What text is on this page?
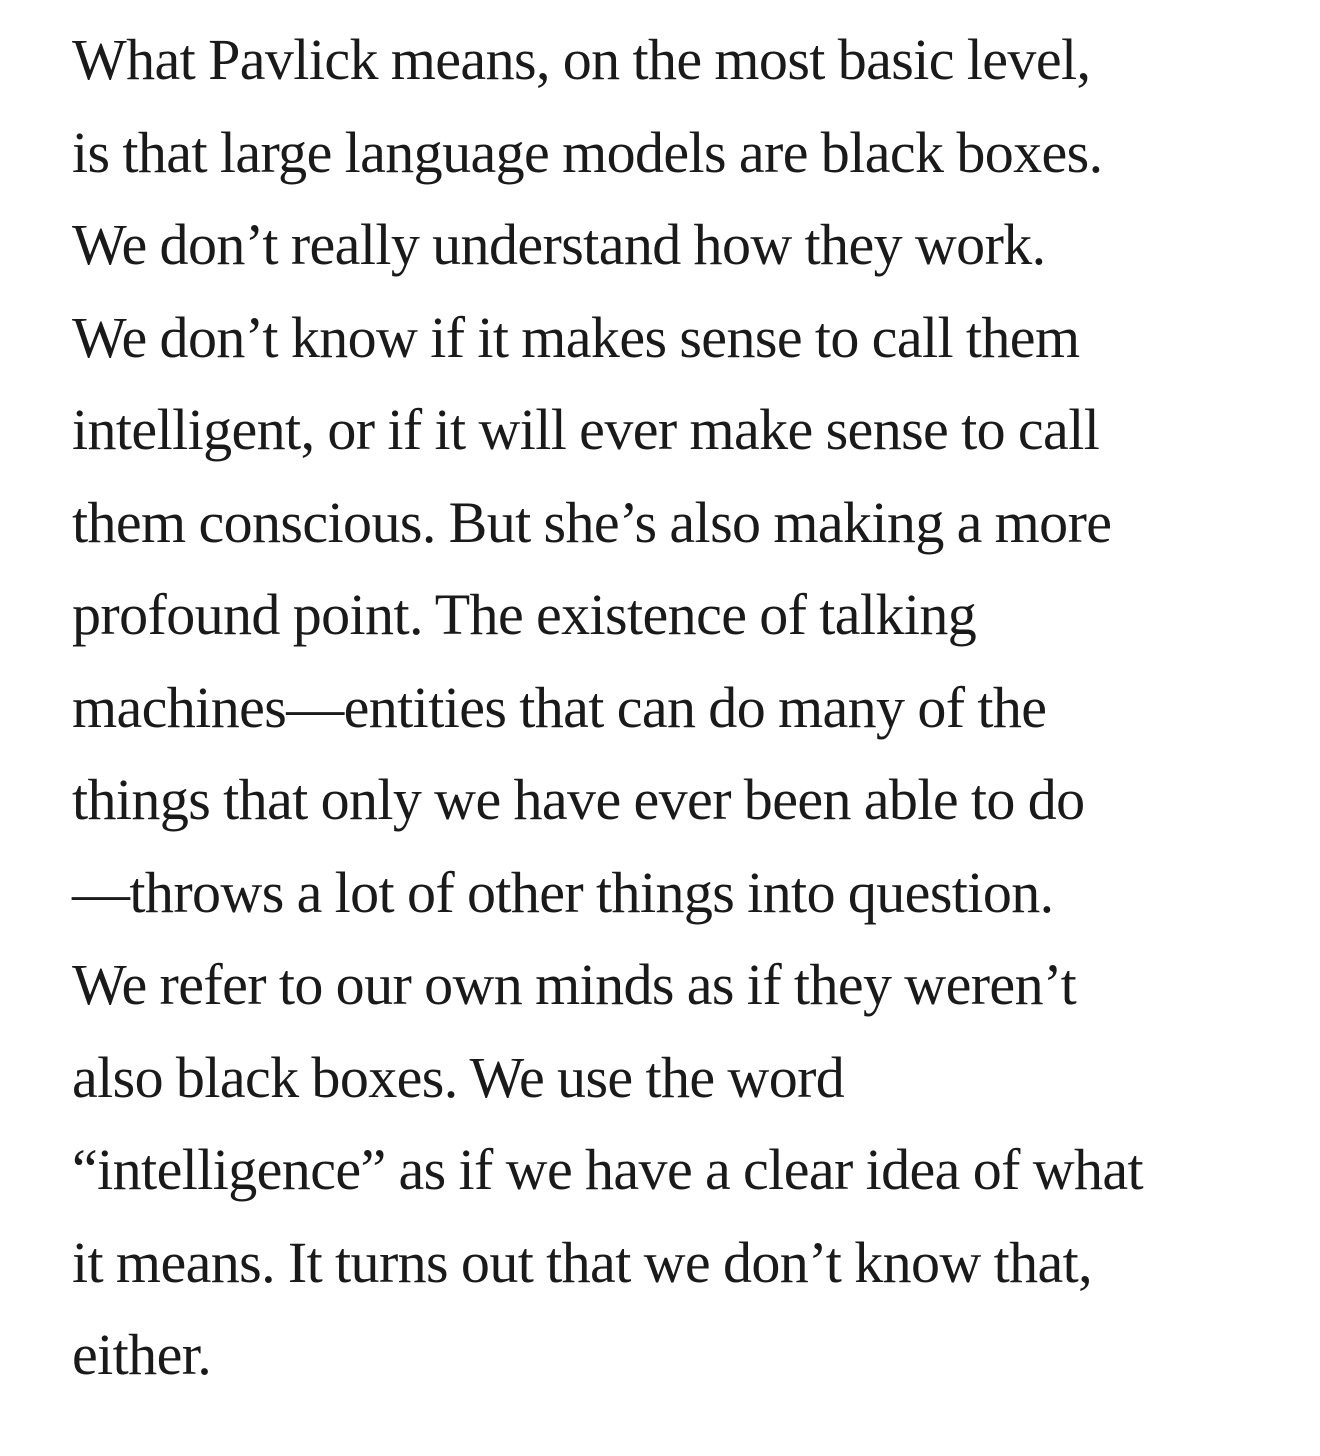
What Pavlick means, on the most basic level,
is that large language models are black boxes.
We don’t really understand how they work.
We don’t know if it makes sense to call them
intelligent, or if it will ever make sense to call
them conscious. But she’s also making a more
profound point. The existence of talking
machines—entities that can do many of the
things that only we have ever been able to do
—throws a lot of other things into question.
We refer to our own minds as if they weren’t
also black boxes. We use the word
“intelligence” as if we have a clear idea of what
it means. It turns out that we don’t know that,
either.
